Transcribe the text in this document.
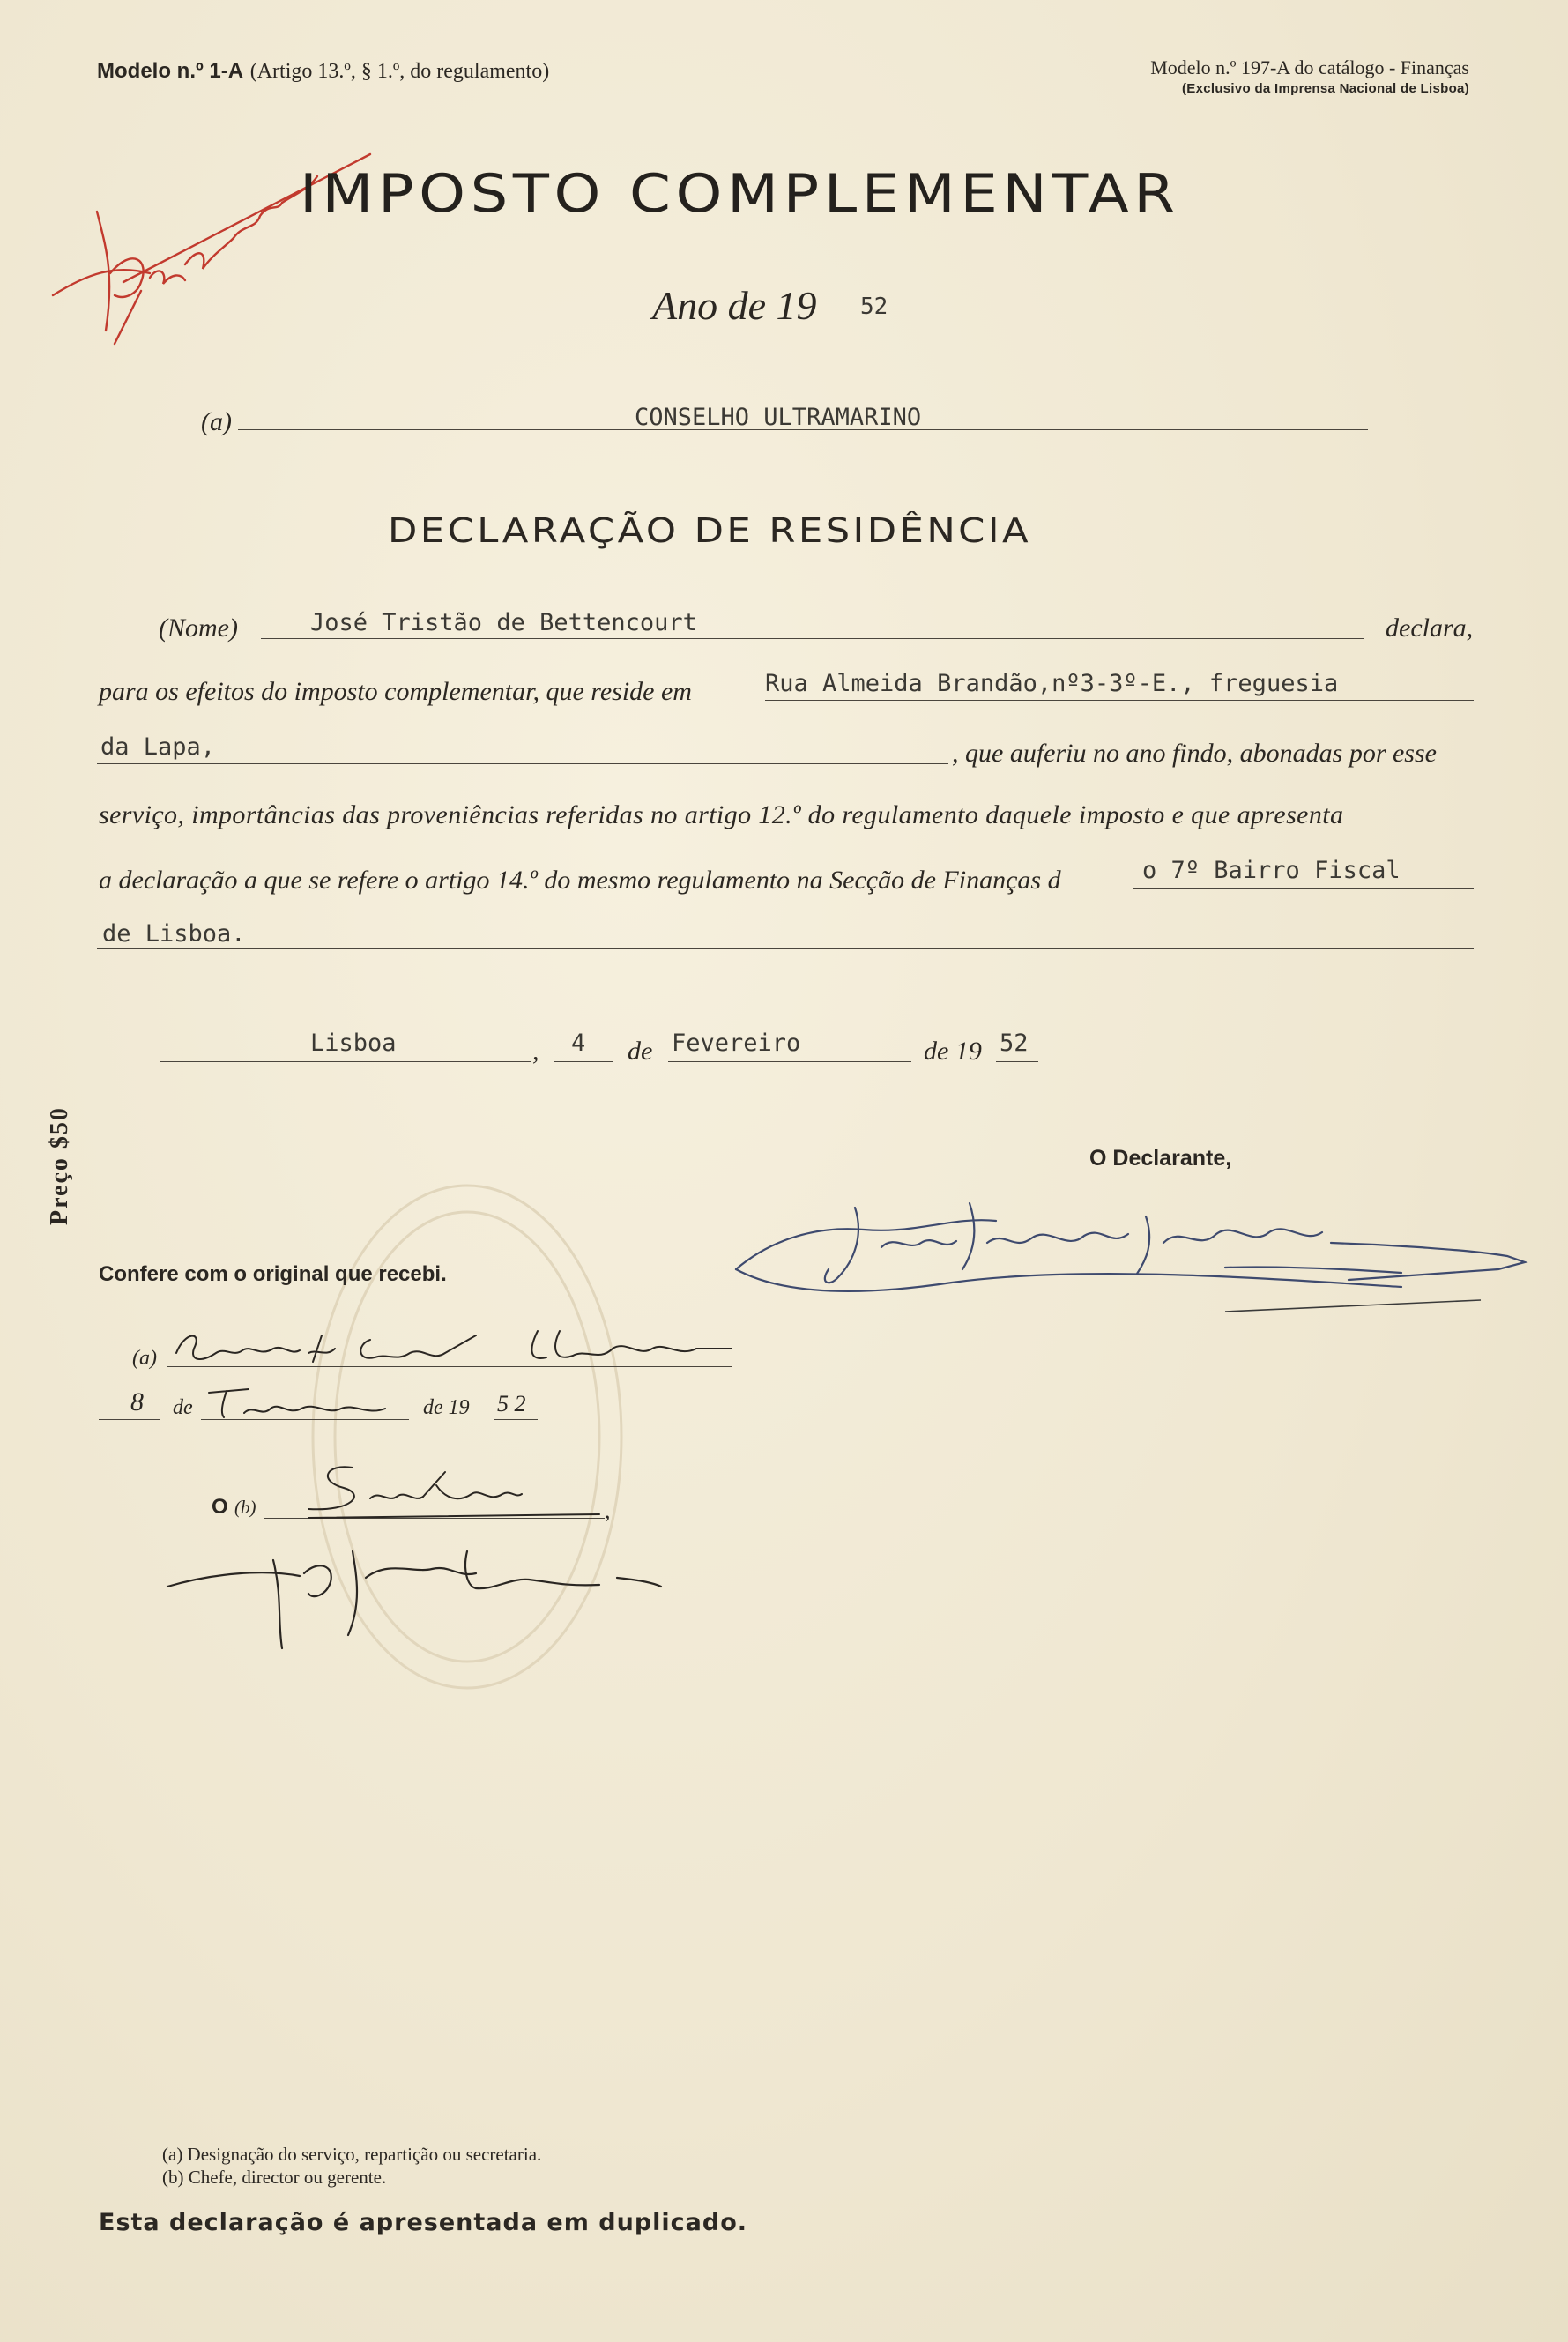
Modelo n.º 1-A (Artigo 13.º, § 1.º, do regulamento)	Modelo n.º 197-A do catálogo - Finanças
(Exclusivo da Imprensa Nacional de Lisboa)
IMPOSTO COMPLEMENTAR
Ano de 19 52
(a)	CONSELHO ULTRAMARINO
DECLARAÇÃO DE RESIDÊNCIA
(Nome)	José Tristão de Bettencourt	declara,
para os efeitos do imposto complementar, que reside em	Rua Almeida Brandão,nº3-3º-E., freguesia
da Lapa,	, que auferiu no ano findo, abonadas por esse
serviço, importâncias das proveniências referidas no artigo 12.º do regulamento daquele imposto e que apresenta
a declaração a que se refere o artigo 14.º do mesmo regulamento na Secção de Finanças d	o 7º Bairro Fiscal
de Lisboa.
Lisboa	, 4 de Fevereiro	de 19 52
O Declarante,
Confere com o original que recebi.
(a)
8 de	de 19 5 2
O (b)	,
Preço $50
(a) Designação do serviço, repartição ou secretaria.
(b) Chefe, director ou gerente.
Esta declaração é apresentada em duplicado.
